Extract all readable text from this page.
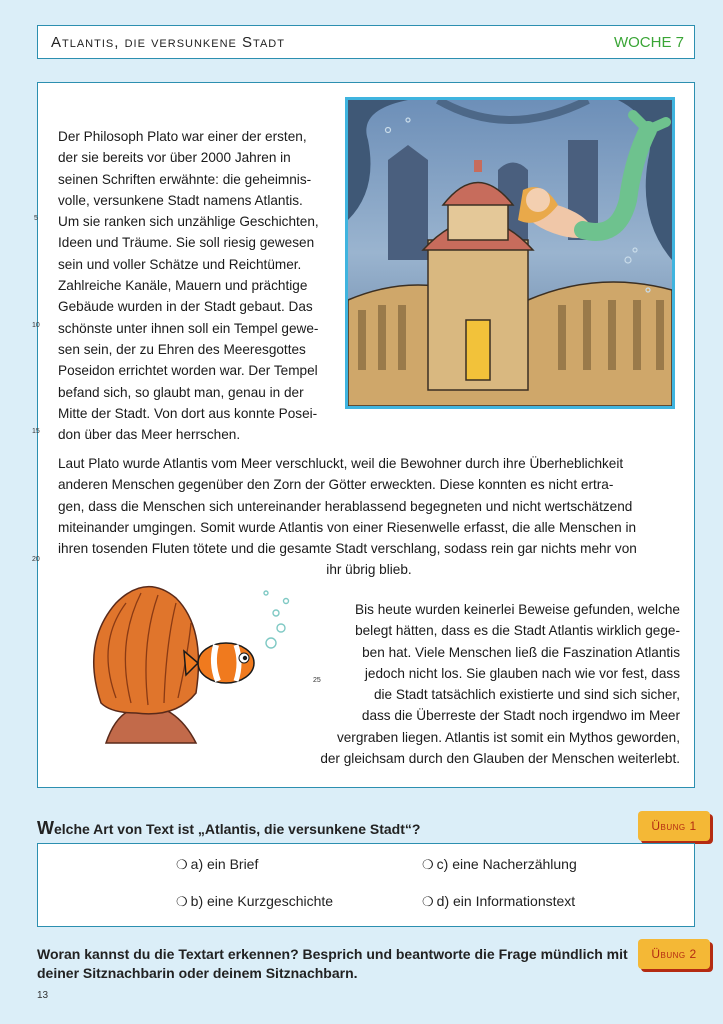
Atlantis, die versunkene Stadt	WOCHE 7

Der Philosoph Plato war einer der ersten,
der sie bereits vor über 2000 Jahren in
seinen Schriften erwähnte: die geheimnis-
volle, versunkene Stadt namens Atlantis.
Um sie ranken sich unzählige Geschichten,
Ideen und Träume. Sie soll riesig gewesen
sein und voller Schätze und Reichtümer.
Zahlreiche Kanäle, Mauern und prächtige
Gebäude wurden in der Stadt gebaut. Das
schönste unter ihnen soll ein Tempel gewe-
sen sein, der zu Ehren des Meeresgottes
Poseidon errichtet worden war. Der Tempel
befand sich, so glaubt man, genau in der
Mitte der Stadt. Von dort aus konnte Posei-
don über das Meer herrschen.

Laut Plato wurde Atlantis vom Meer verschluckt, weil die Bewohner durch ihre Überheblichkeit
anderen Menschen gegenüber den Zorn der Götter erweckten. Diese konnten es nicht ertra-
gen, dass die Menschen sich untereinander herablassend begegneten und nicht wertschätzend
miteinander umgingen. Somit wurde Atlantis von einer Riesenwelle erfasst, die alle Menschen in
ihren tosenden Fluten tötete und die gesamte Stadt verschlang, sodass rein gar nichts mehr von
ihr übrig blieb.

Bis heute wurden keinerlei Beweise gefunden, welche
belegt hätten, dass es die Stadt Atlantis wirklich gege-
ben hat. Viele Menschen ließ die Faszination Atlantis
jedoch nicht los. Sie glauben nach wie vor fest, dass
die Stadt tatsächlich existierte und sind sich sicher,
dass die Überreste der Stadt noch irgendwo im Meer
vergraben liegen. Atlantis ist somit ein Mythos geworden,
der gleichsam durch den Glauben der Menschen weiterlebt.

5
10
15
20
25
Welche Art von Text ist „Atlantis, die versunkene Stadt“?	Übung 1
❍ a) ein Brief	❍ c) eine Nacherzählung
❍ b) eine Kurzgeschichte	❍ d) ein Informationstext
Woran kannst du die Textart erkennen? Besprich und beantworte die Frage mündlich mit deiner Sitznachbarin oder deinem Sitznachbarn.
Übung 2
13
